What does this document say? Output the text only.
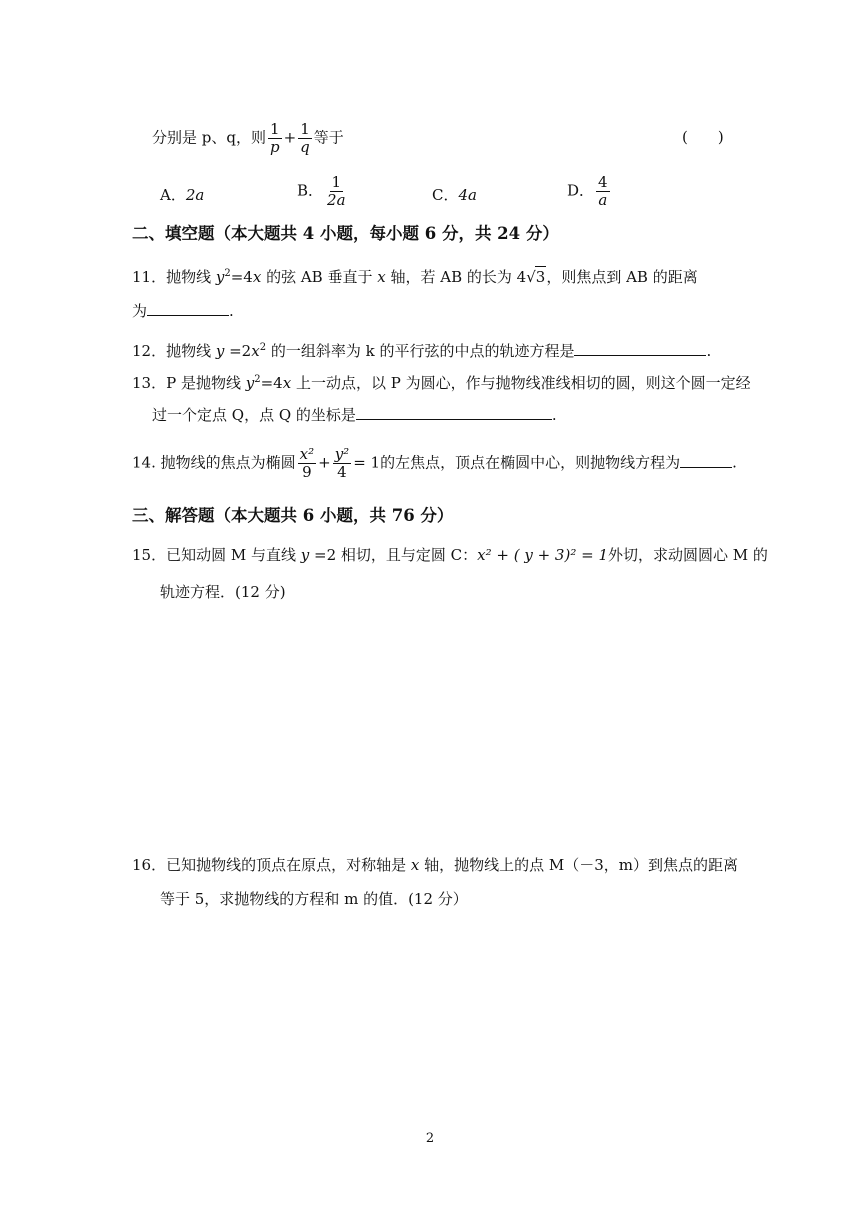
分别是 p、q，则 $\frac{1}{p} + \frac{1}{q}$ 等于	(　　)
A．2a	B． $\frac{1}{2a}$	C．4a	D． $\frac{4}{a}$
二、填空题（本大题共 4 小题，每小题 6 分，共 24 分）
11．抛物线 $y^2=4x$ 的弦 AB 垂直于 x 轴，若 AB 的长为 4√3，则焦点到 AB 的距离
为	.
12．抛物线 $y =2x^2$ 的一组斜率为 k 的平行弦的中点的轨迹方程是	.
13．P 是抛物线 $y^2=4x$ 上一动点，以 P 为圆心，作与抛物线准线相切的圆，则这个圆一定经
过一个定点 Q，点 Q 的坐标是	.
14. 抛物线的焦点为椭圆 $\frac{\text{x²}}{9} + \frac{\text{y²}}{4} = 1$的左焦点，顶点在椭圆中心，则抛物线方程为	.
三、解答题（本大题共 6 小题，共 76 分）
15．已知动圆 M 与直线 y =2 相切，且与定圆 C：x² + ( y + 3)² = 1外切，求动圆圆心 M 的
轨迹方程．(12 分)
16．已知抛物线的顶点在原点，对称轴是 x 轴，抛物线上的点 M（－3，m）到焦点的距离
等于 5，求抛物线的方程和 m 的值．(12 分）
2
